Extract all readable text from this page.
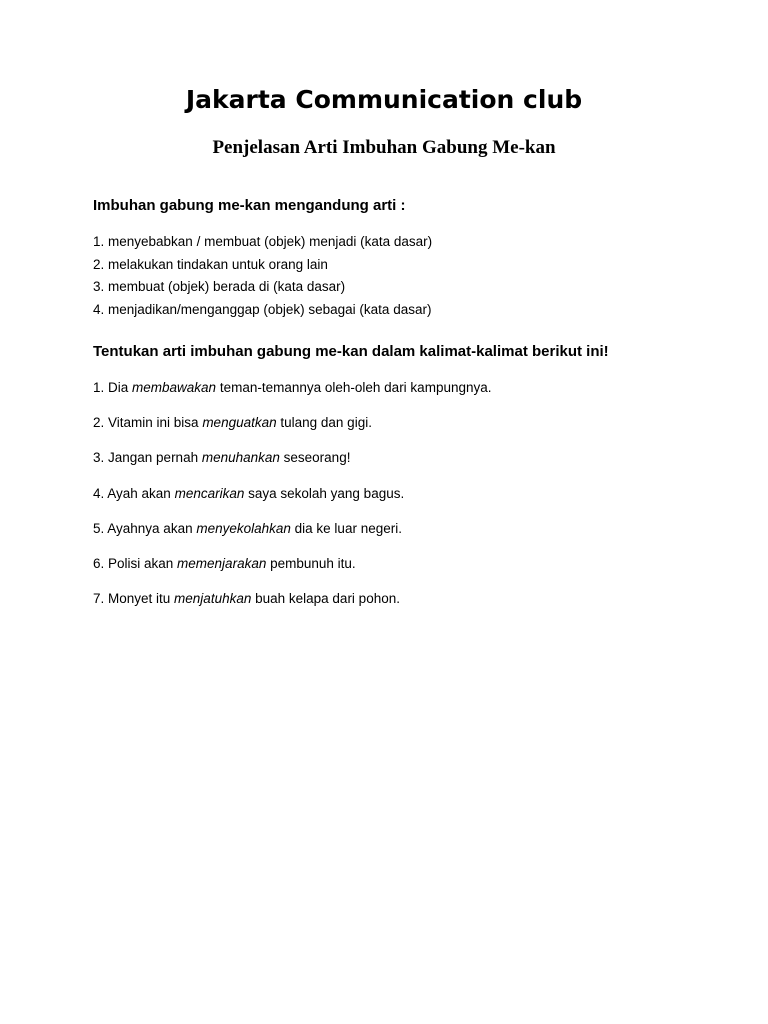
Jakarta Communication club
Penjelasan Arti Imbuhan Gabung Me-kan

Imbuhan gabung me-kan mengandung arti :

1. menyebabkan / membuat (objek) menjadi (kata dasar)
2. melakukan tindakan untuk orang lain
3. membuat (objek) berada di (kata dasar)
4. menjadikan/menganggap (objek) sebagai (kata dasar)

Tentukan arti imbuhan gabung me-kan dalam kalimat-kalimat berikut ini!

1. Dia membawakan teman-temannya oleh-oleh dari kampungnya.
2. Vitamin ini bisa menguatkan tulang dan gigi.
3. Jangan pernah menuhankan seseorang!
4. Ayah akan mencarikan saya sekolah yang bagus.
5. Ayahnya akan menyekolahkan dia ke luar negeri.
6. Polisi akan memenjarakan pembunuh itu.
7. Monyet itu menjatuhkan buah kelapa dari pohon.
